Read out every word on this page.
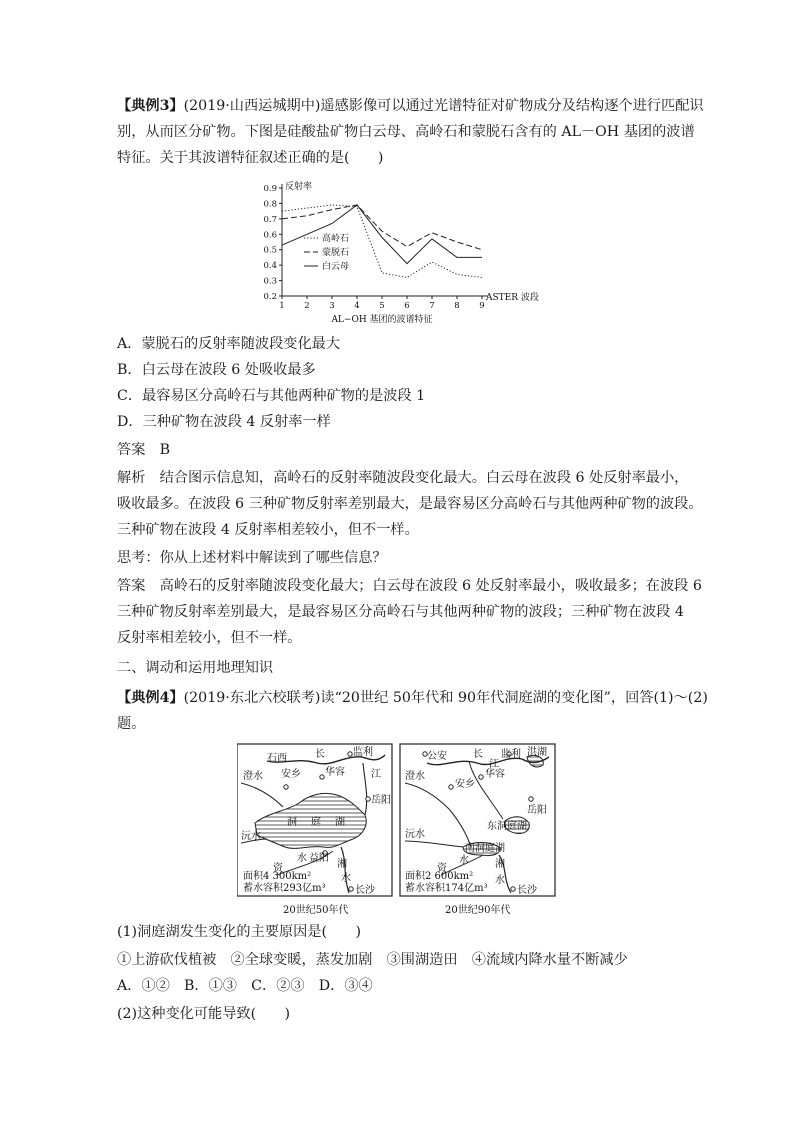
【典例3】(2019·山西运城期中)遥感影像可以通过光谱特征对矿物成分及结构逐个进行匹配识
别，从而区分矿物。下图是硅酸盐矿物白云母、高岭石和蒙脱石含有的 AL－OH 基团的波谱
特征。关于其波谱特征叙述正确的是(　　)
0.2
0.3
0.4
0.5
0.6
0.7
0.8
0.9
1 2 3 4 5 6 7 8 9
反射率
ASTER 波段
AL−OH 基团的波谱特征
高岭石
蒙脱石
白云母
A．蒙脱石的反射率随波段变化最大
B．白云母在波段 6 处吸收最多
C．最容易区分高岭石与其他两种矿物的是波段 1
D．三种矿物在波段 4 反射率一样
答案　B
解析　结合图示信息知，高岭石的反射率随波段变化最大。白云母在波段 6 处反射率最小，
吸收最多。在波段 6 三种矿物反射率差别最大，是最容易区分高岭石与其他两种矿物的波段。
三种矿物在波段 4 反射率相差较小，但不一样。
思考：你从上述材料中解读到了哪些信息？
答案　高岭石的反射率随波段变化最大；白云母在波段 6 处反射率最小，吸收最多；在波段 6
三种矿物反射率差别最大，是最容易区分高岭石与其他两种矿物的波段；三种矿物在波段 4
反射率相差较小，但不一样。
二、调动和运用地理知识
【典例4】(2019·东北六校联考)读“20世纪 50年代和 90年代洞庭湖的变化图”，回答(1)～(2)
题。
石西	长	监利
澄水 安乡 华容	江
岳阳
洞 庭 湖
沅水
资
水 益阳
湘
水
长沙
面积4 300km²
蓄水容积293亿m³
公安	长
江
监利 洪湖
澄水
安乡
华容
岳阳
东洞庭湖
沅水
南洞庭湖
资
水	湘
水
长沙
面积2 600km²
蓄水容积174亿m³
20世纪50年代	20世纪90年代
(1)洞庭湖发生变化的主要原因是(　　)
①上游砍伐植被　②全球变暖，蒸发加剧　③围湖造田　④流域内降水量不断减少
A．①②　B．①③　C．②③　D．③④
(2)这种变化可能导致(　　)
